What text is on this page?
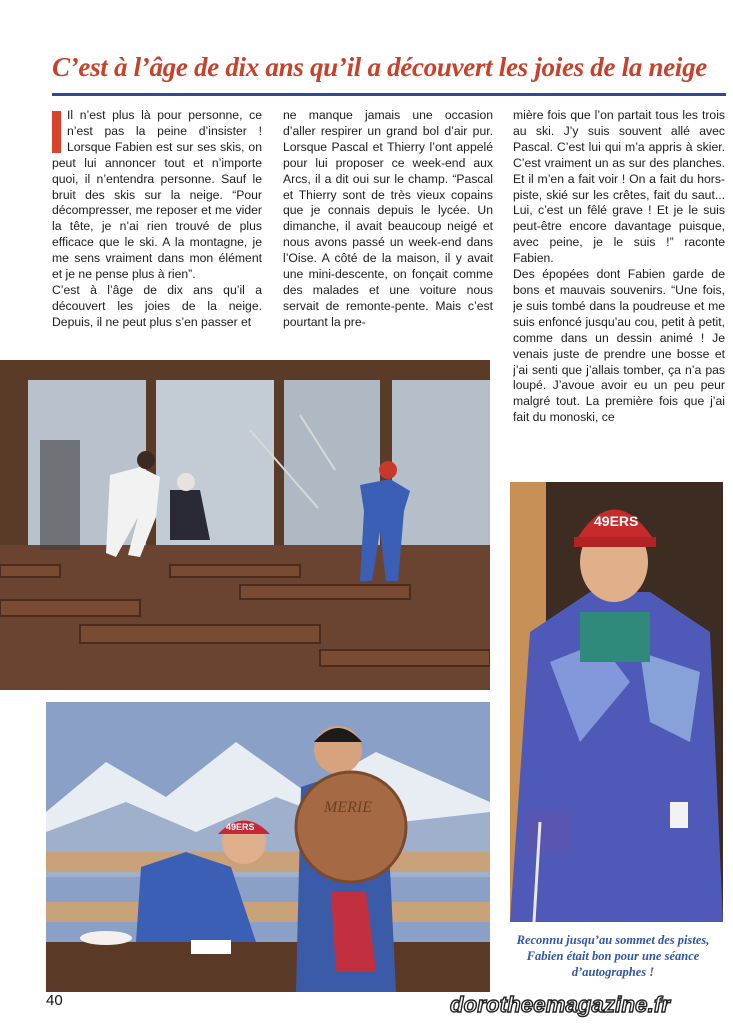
C’est à l’âge de dix ans qu’il a découvert les joies de la neige

Il n’est plus là pour personne, ce n’est pas la peine d’insister ! Lorsque Fabien est sur ses skis, on peut lui annoncer tout et n’importe quoi, il n’entendra personne. Sauf le bruit des skis sur la neige. “Pour décompresser, me reposer et me vider la tête, je n’ai rien trouvé de plus efficace que le ski. A la montagne, je me sens vraiment dans mon élément et je ne pense plus à rien”.

C’est à l’âge de dix ans qu’il a découvert les joies de la neige. Depuis, il ne peut plus s’en passer et

ne manque jamais une occasion d’aller respirer un grand bol d’air pur. Lorsque Pascal et Thierry l’ont appelé pour lui proposer ce week-end aux Arcs, il a dit oui sur le champ. “Pascal et Thierry sont de très vieux copains que je connais depuis le lycée. Un dimanche, il avait beaucoup neigé et nous avons passé un week-end dans l’Oise. A côté de la maison, il y avait une mini-descente, on fonçait comme des malades et une voiture nous servait de remonte-pente. Mais c’est pourtant la pre-

mière fois que l’on partait tous les trois au ski. J’y suis souvent allé avec Pascal. C’est lui qui m’a appris à skier. C’est vraiment un as sur des planches. Et il m’en a fait voir ! On a fait du hors-piste, skié sur les crêtes, fait du saut... Lui, c’est un fêlé grave ! Et je le suis peut-être encore davantage puisque, avec peine, je le suis !” raconte Fabien.

Des épopées dont Fabien garde de bons et mauvais souvenirs. “Une fois, je suis tombé dans la poudreuse et me suis enfoncé jusqu’au cou, petit à petit, comme dans un dessin animé ! Je venais juste de prendre une bosse et j’ai senti que j’allais tomber, ça n’a pas loupé. J’avoue avoir eu un peu peur malgré tout. La première fois que j’ai fait du monoski, ce

49ERS
MERIE
49ERS
Reconnu jusqu’au sommet des pistes, Fabien était bon pour une séance d’autographes !
40	dorotheemagazine.fr
